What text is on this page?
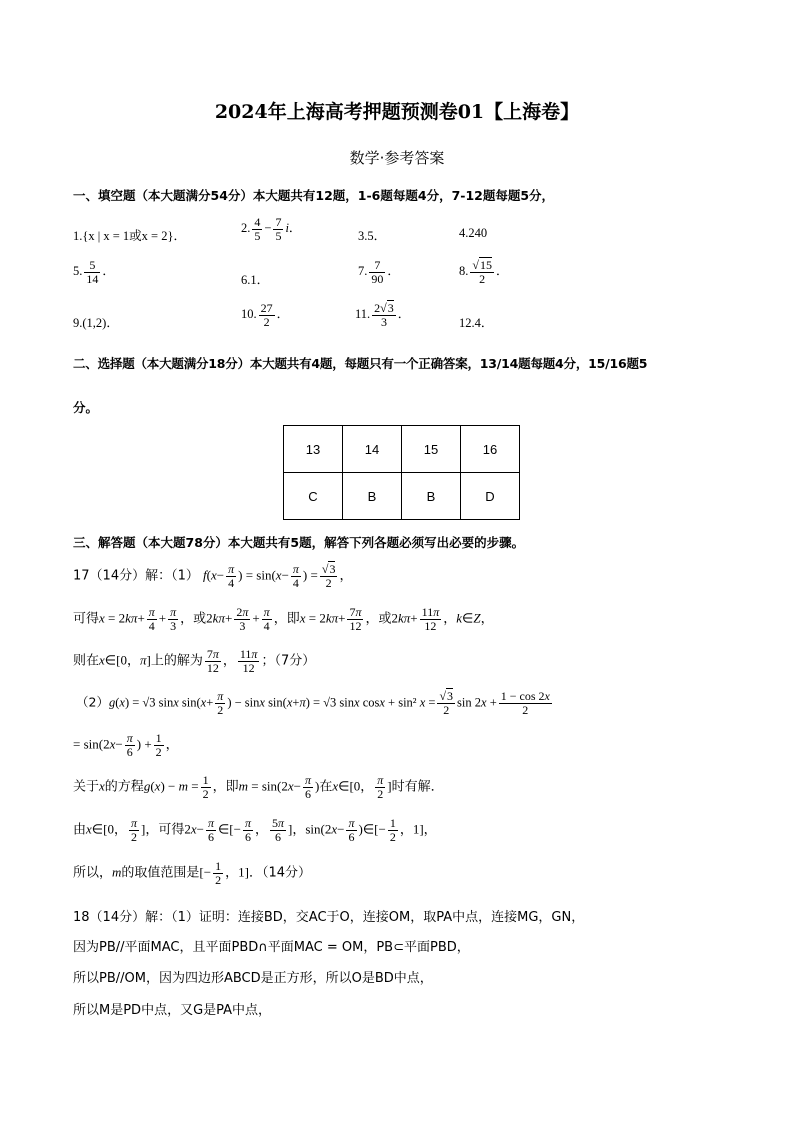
2024年上海高考押题预测卷01【上海卷】
数学·参考答案
一、填空题（本大题满分54分）本大题共有12题，1-6题每题4分，7-12题每题5分，
1.{x | x = 1或x = 2}．
2. $\frac{4}{5} - \frac{7}{5}$ i．
3.5．	4.240
5. $\frac{5}{14}$ ．
6.1．
7. $\frac{7}{90}$ ．	8. $\frac{√15}{2}$ ．
9.(1,2)．
10. $\frac{27}{2}$ ．	11. $\frac{2√3}{3}$ ．
12.4．
二、选择题（本大题满分18分）本大题共有4题，每题只有一个正确答案，13/14题每题4分，15/16题5
分。
13	14	15	16
C	B	B	D
三、解答题（本大题78分）本大题共有5题，解答下列各题必须写出必要的步骤。
17（14分）解：（1） $f(x- \frac{\pi}{4}$ ) = $\sin(x- \frac{\pi}{4}$ ) = $\frac{√3}{2}$ ，
可得$x = 2k\pi+ \frac{\pi}{4} + \frac{\pi}{3}$ ，或$2k\pi+ \frac{2\pi}{3} + \frac{\pi}{4}$ ，即$x = 2k\pi+ \frac{7\pi}{12}$ ，或$2k\pi+ \frac{11\pi}{12}$ ，k∈Z，
则在x∈[0，π]上的解为 $\frac{7\pi}{12}$ ， $\frac{11\pi}{12}$ ；（7分）
（2）g(x) = √3 sinx $\sin(x+ \frac{\pi}{2}$ ) − sinx sin(x+π) = √3 sinx cosx + sin² $x = \frac{√3}{2}$ $\sin 2x + \frac{1 - \cos 2x}{2}$
= $\sin(2x- \frac{\pi}{6}$ ) + $\frac{1}{2}$ ，
关于x的方程$g(x) - m = \frac{1}{2}$ ，即$m = \sin(2x- \frac{\pi}{6}$ )在x∈[0， $\frac{\pi}{2}$ ]时有解．
由x∈[0， $\frac{\pi}{2}$ ]，可得$2x- \frac{\pi}{6}$ ∈[− $\frac{\pi}{6}$ ， $\frac{5\pi}{6}$ ]，$\sin(2x- \frac{\pi}{6}$ )∈[− $\frac{1}{2}$ ，1]，
所以，m的取值范围是[− $\frac{1}{2}$ ，1]．（14分）
18（14分）解：（1）证明：连接BD，交AC于O，连接OM，取PA中点，连接MG，GN，
因为PB//平面MAC，且平面PBD∩平面MAC = OM，PB⊂平面PBD，
所以PB//OM，因为四边形ABCD是正方形，所以O是BD中点，
所以M是PD中点，又G是PA中点，
